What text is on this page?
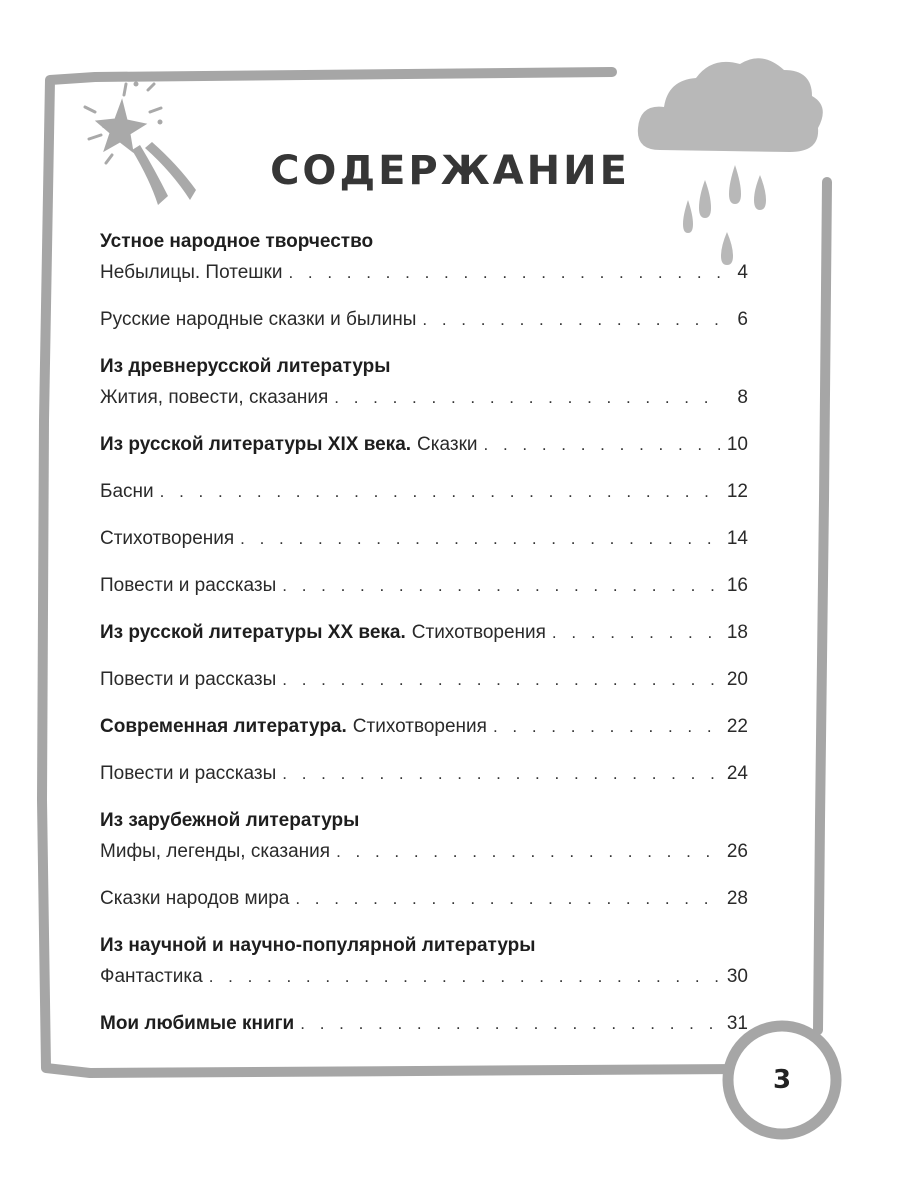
СОДЕРЖАНИЕ
Устное народное творчество
Небылицы. Потешки . . .	4
Русские народные сказки и былины . . .	6
Из древнерусской литературы
Жития, повести, сказания . . .	8
Из русской литературы XIX века. Сказки . . .	10
Басни . . .	12
Стихотворения . . .	14
Повести и рассказы . . .	16
Из русской литературы XX века. Стихотворения . . .	18
Повести и рассказы . . .	20
Современная литература. Стихотворения . . .	22
Повести и рассказы . . .	24
Из зарубежной литературы
Мифы, легенды, сказания . . .	26
Сказки народов мира . . .	28
Из научной и научно-популярной литературы
Фантастика . . .	30
Мои любимые книги . . .	31
3
